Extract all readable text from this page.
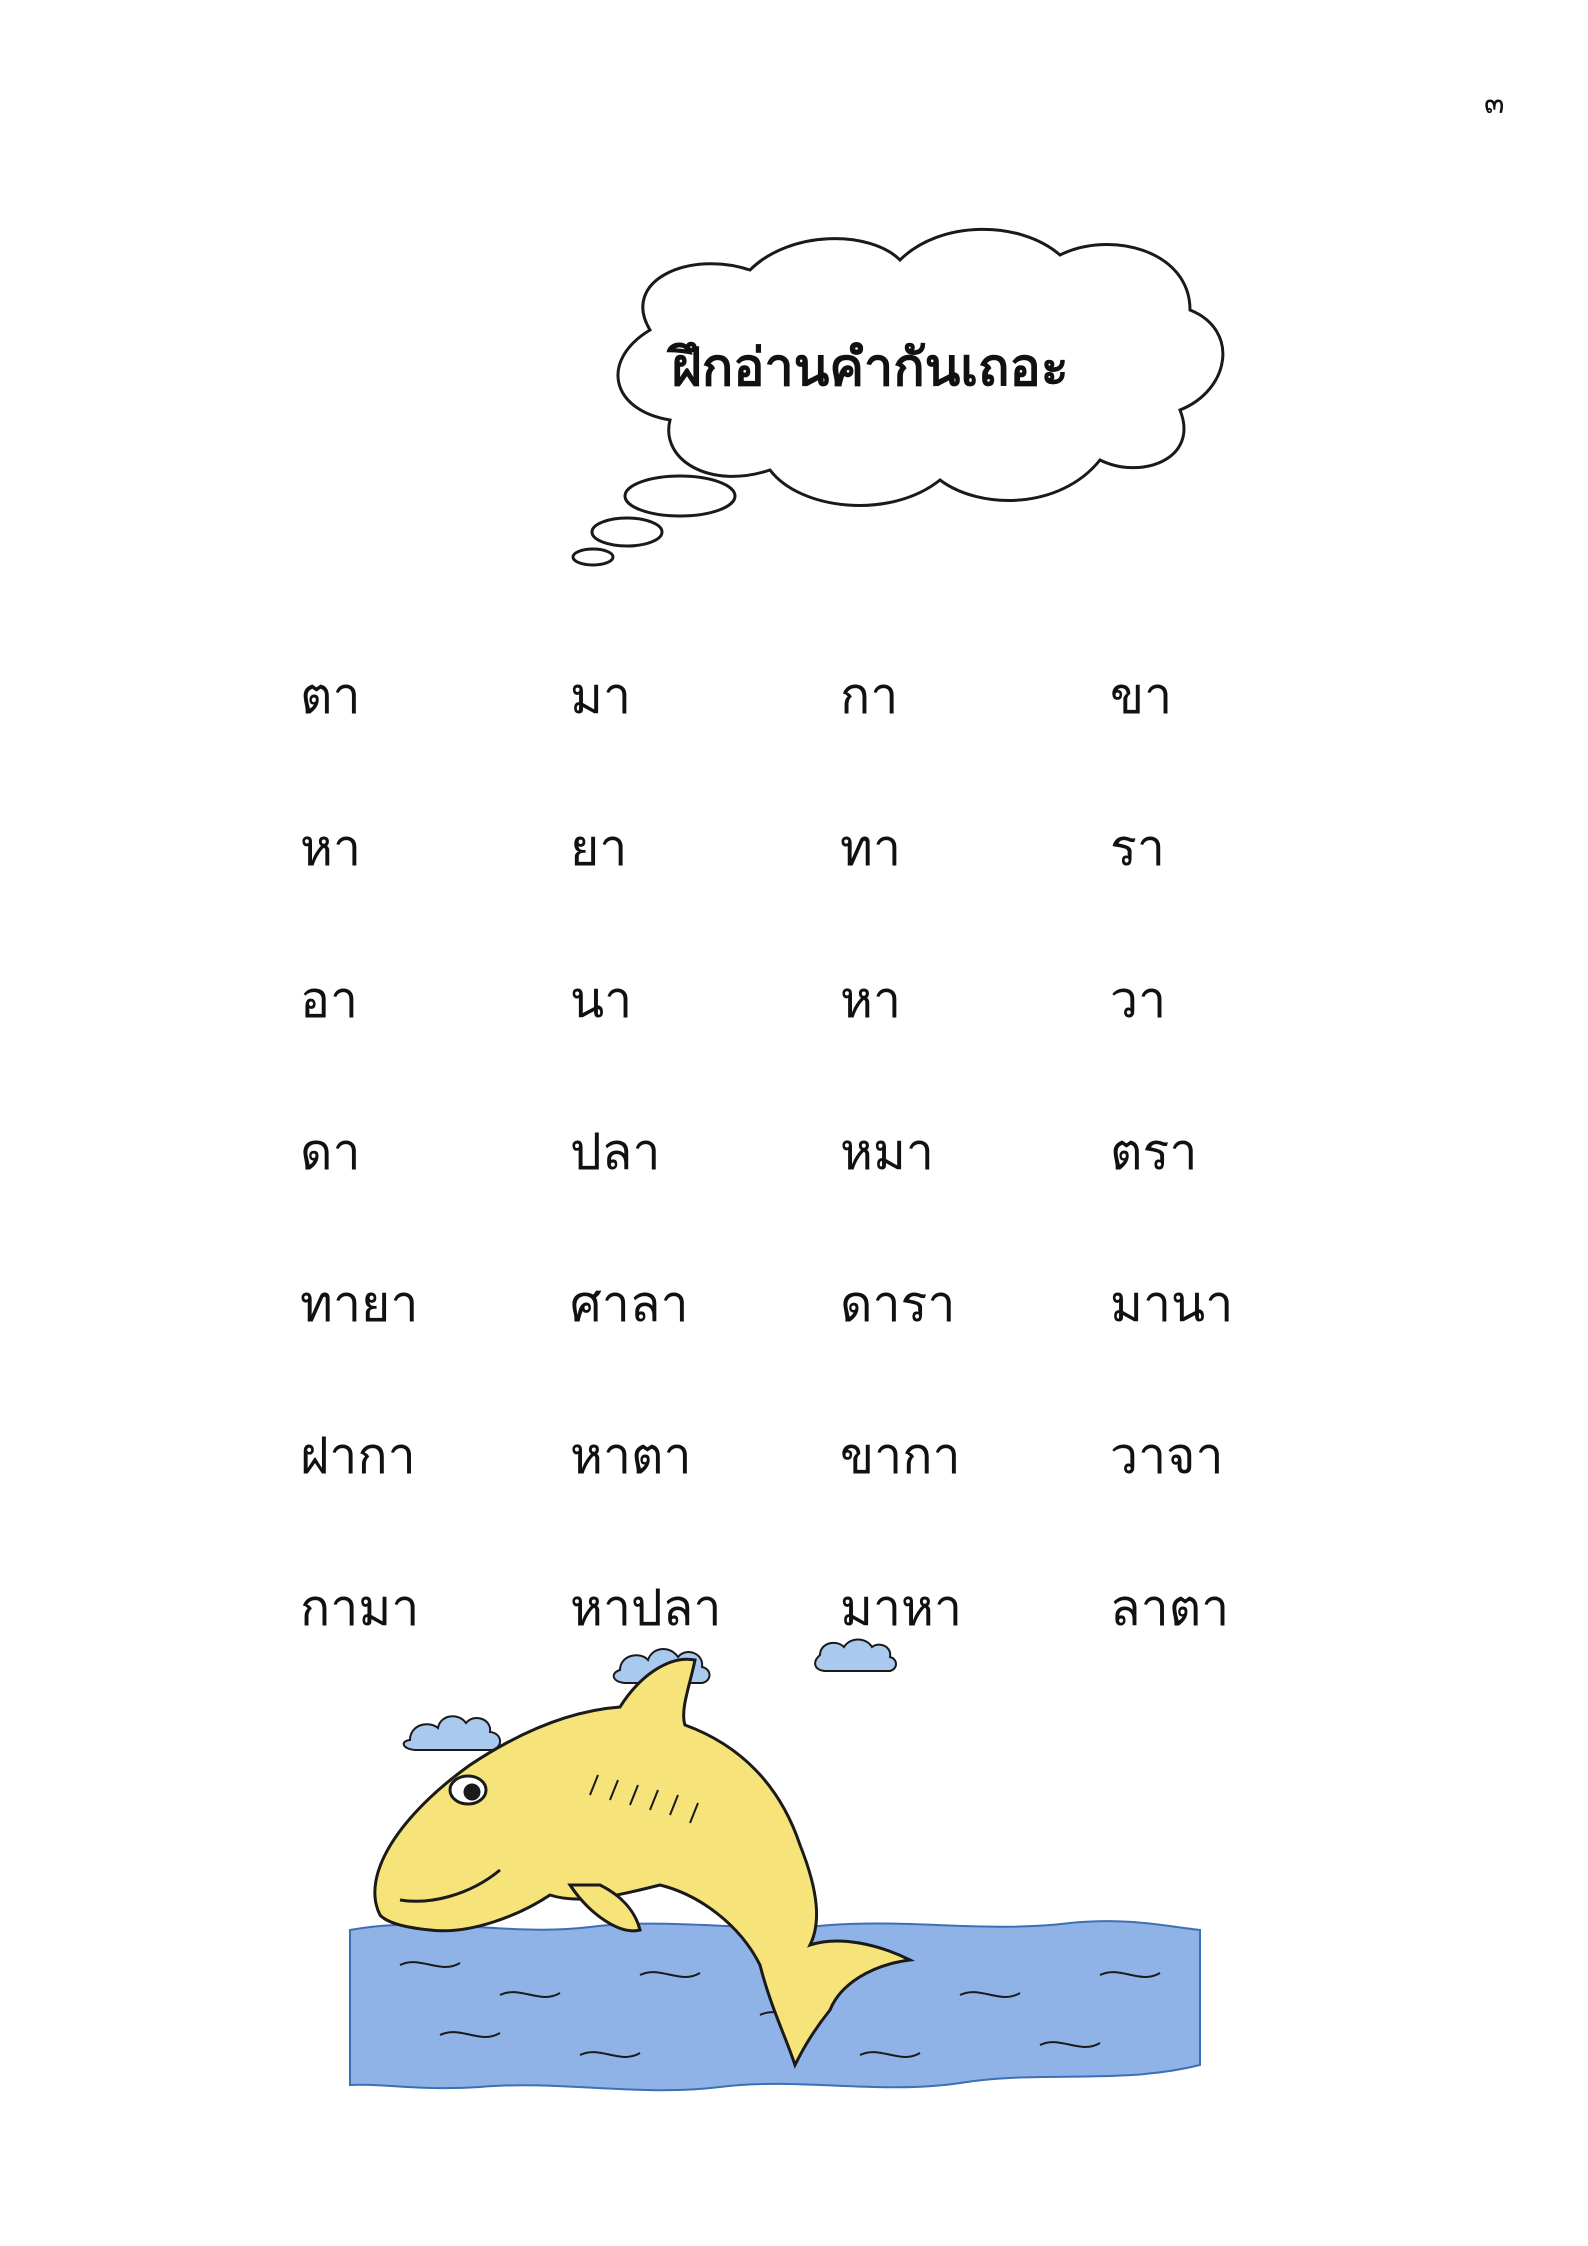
๓
ฝึกอ่านคำกันเถอะ
ตา	มา	กา	ขา
หา	ยา	ทา	รา
อา	นา	หา	วา
ดา	ปลา	หมา	ตรา
ทายา	ศาลา	ดารา	มานา
ฝากา	หาตา	ขากา	วาจา
กามา	หาปลา	มาหา	ลาตา
